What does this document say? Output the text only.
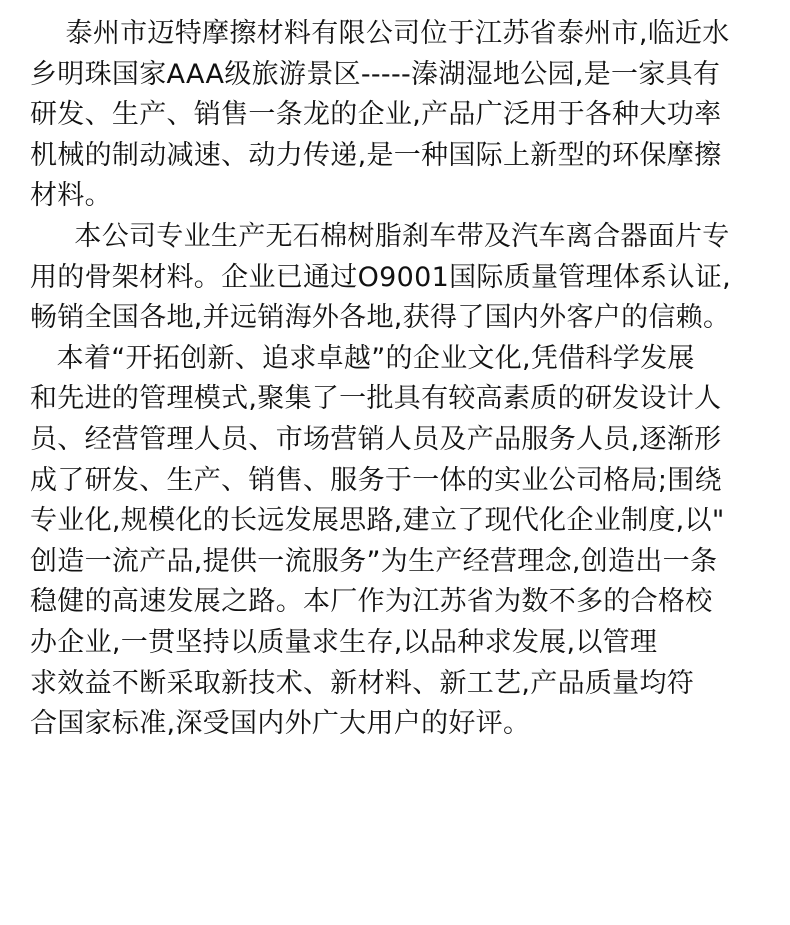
泰州市迈特摩擦材料有限公司位于江苏省泰州市,临近水
乡明珠国家AAA级旅游景区-----溱湖湿地公园,是一家具有
研发、生产、销售一条龙的企业,产品广泛用于各种大功率
机械的制动减速、动力传递,是一种国际上新型的环保摩擦
材料。
本公司专业生产无石棉树脂刹车带及汽车离合器面片专
用的骨架材料。企业已通过O9001国际质量管理体系认证,
畅销全国各地,并远销海外各地,获得了国内外客户的信赖。
本着“开拓创新、追求卓越”的企业文化,凭借科学发展
和先进的管理模式,聚集了一批具有较高素质的研发设计人
员、经营管理人员、市场营销人员及产品服务人员,逐渐形
成了研发、生产、销售、服务于一体的实业公司格局;围绕
专业化,规模化的长远发展思路,建立了现代化企业制度,以"
创造一流产品,提供一流服务”为生产经营理念,创造出一条
稳健的高速发展之路。本厂作为江苏省为数不多的合格校
办企业,一贯坚持以质量求生存,以品种求发展,以管理
求效益不断采取新技术、新材料、新工艺,产品质量均符
合国家标准,深受国内外广大用户的好评。
